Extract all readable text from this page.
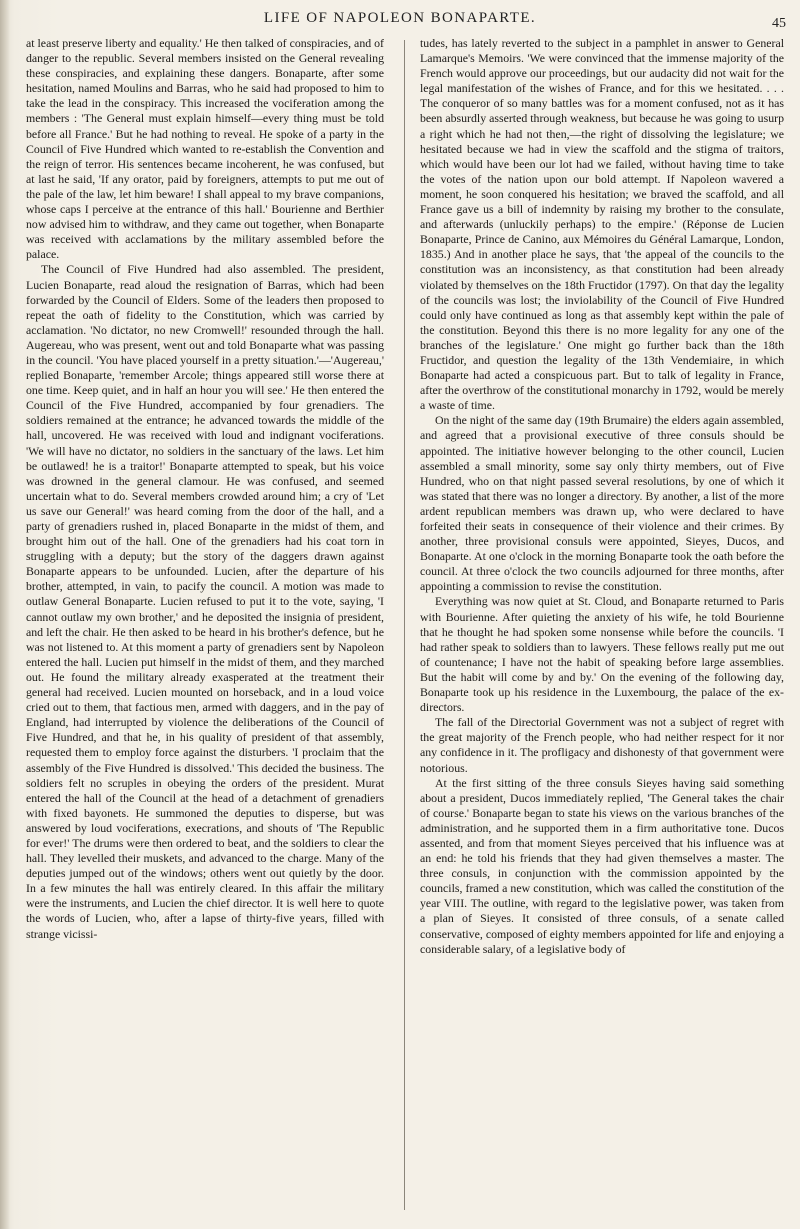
LIFE OF NAPOLEON BONAPARTE.	45

at least preserve liberty and equality.' He then talked of conspiracies, and of danger to the republic. Several members insisted on the General revealing these conspiracies, and explaining these dangers. Bonaparte, after some hesitation, named Moulins and Barras, who he said had proposed to him to take the lead in the conspiracy. This increased the vociferation among the members : 'The General must explain himself—every thing must be told before all France.' But he had nothing to reveal. He spoke of a party in the Council of Five Hundred which wanted to re-establish the Convention and the reign of terror. His sentences became incoherent, he was confused, but at last he said, 'If any orator, paid by foreigners, attempts to put me out of the pale of the law, let him beware! I shall appeal to my brave companions, whose caps I perceive at the entrance of this hall.' Bourienne and Berthier now advised him to withdraw, and they came out together, when Bonaparte was received with acclamations by the military assembled before the palace.

The Council of Five Hundred had also assembled. The president, Lucien Bonaparte, read aloud the resignation of Barras, which had been forwarded by the Council of Elders. Some of the leaders then proposed to repeat the oath of fidelity to the Constitution, which was carried by acclamation. 'No dictator, no new Cromwell!' resounded through the hall. Augereau, who was present, went out and told Bonaparte what was passing in the council. 'You have placed yourself in a pretty situation.'—'Augereau,' replied Bonaparte, 'remember Arcole; things appeared still worse there at one time. Keep quiet, and in half an hour you will see.' He then entered the Council of the Five Hundred, accompanied by four grenadiers. The soldiers remained at the entrance; he advanced towards the middle of the hall, uncovered. He was received with loud and indignant vociferations. 'We will have no dictator, no soldiers in the sanctuary of the laws. Let him be outlawed! he is a traitor!' Bonaparte attempted to speak, but his voice was drowned in the general clamour. He was confused, and seemed uncertain what to do. Several members crowded around him; a cry of 'Let us save our General!' was heard coming from the door of the hall, and a party of grenadiers rushed in, placed Bonaparte in the midst of them, and brought him out of the hall. One of the grenadiers had his coat torn in struggling with a deputy; but the story of the daggers drawn against Bonaparte appears to be unfounded. Lucien, after the departure of his brother, attempted, in vain, to pacify the council. A motion was made to outlaw General Bonaparte. Lucien refused to put it to the vote, saying, 'I cannot outlaw my own brother,' and he deposited the insignia of president, and left the chair. He then asked to be heard in his brother's defence, but he was not listened to. At this moment a party of grenadiers sent by Napoleon entered the hall. Lucien put himself in the midst of them, and they marched out. He found the military already exasperated at the treatment their general had received. Lucien mounted on horseback, and in a loud voice cried out to them, that factious men, armed with daggers, and in the pay of England, had interrupted by violence the deliberations of the Council of Five Hundred, and that he, in his quality of president of that assembly, requested them to employ force against the disturbers. 'I proclaim that the assembly of the Five Hundred is dissolved.' This decided the business. The soldiers felt no scruples in obeying the orders of the president. Murat entered the hall of the Council at the head of a detachment of grenadiers with fixed bayonets. He summoned the deputies to disperse, but was answered by loud vociferations, execrations, and shouts of 'The Republic for ever!' The drums were then ordered to beat, and the soldiers to clear the hall. They levelled their muskets, and advanced to the charge. Many of the deputies jumped out of the windows; others went out quietly by the door. In a few minutes the hall was entirely cleared. In this affair the military were the instruments, and Lucien the chief director. It is well here to quote the words of Lucien, who, after a lapse of thirty-five years, filled with strange vicissi-

tudes, has lately reverted to the subject in a pamphlet in answer to General Lamarque's Memoirs. 'We were convinced that the immense majority of the French would approve our proceedings, but our audacity did not wait for the legal manifestation of the wishes of France, and for this we hesitated. . . . The conqueror of so many battles was for a moment confused, not as it has been absurdly asserted through weakness, but because he was going to usurp a right which he had not then,—the right of dissolving the legislature; we hesitated because we had in view the scaffold and the stigma of traitors, which would have been our lot had we failed, without having time to take the votes of the nation upon our bold attempt. If Napoleon wavered a moment, he soon conquered his hesitation; we braved the scaffold, and all France gave us a bill of indemnity by raising my brother to the consulate, and afterwards (unluckily perhaps) to the empire.' (Réponse de Lucien Bonaparte, Prince de Canino, aux Mémoires du Général Lamarque, London, 1835.) And in another place he says, that 'the appeal of the councils to the constitution was an inconsistency, as that constitution had been already violated by themselves on the 18th Fructidor (1797). On that day the legality of the councils was lost; the inviolability of the Council of Five Hundred could only have continued as long as that assembly kept within the pale of the constitution. Beyond this there is no more legality for any one of the branches of the legislature.' One might go further back than the 18th Fructidor, and question the legality of the 13th Vendemiaire, in which Bonaparte had acted a conspicuous part. But to talk of legality in France, after the overthrow of the constitutional monarchy in 1792, would be merely a waste of time.

On the night of the same day (19th Brumaire) the elders again assembled, and agreed that a provisional executive of three consuls should be appointed. The initiative however belonging to the other council, Lucien assembled a small minority, some say only thirty members, out of Five Hundred, who on that night passed several resolutions, by one of which it was stated that there was no longer a directory. By another, a list of the more ardent republican members was drawn up, who were declared to have forfeited their seats in consequence of their violence and their crimes. By another, three provisional consuls were appointed, Sieyes, Ducos, and Bonaparte. At one o'clock in the morning Bonaparte took the oath before the council. At three o'clock the two councils adjourned for three months, after appointing a commission to revise the constitution.

Everything was now quiet at St. Cloud, and Bonaparte returned to Paris with Bourienne. After quieting the anxiety of his wife, he told Bourienne that he thought he had spoken some nonsense while before the councils. 'I had rather speak to soldiers than to lawyers. These fellows really put me out of countenance; I have not the habit of speaking before large assemblies. But the habit will come by and by.' On the evening of the following day, Bonaparte took up his residence in the Luxembourg, the palace of the ex-directors.

The fall of the Directorial Government was not a subject of regret with the great majority of the French people, who had neither respect for it nor any confidence in it. The profligacy and dishonesty of that government were notorious.

At the first sitting of the three consuls Sieyes having said something about a president, Ducos immediately replied, 'The General takes the chair of course.' Bonaparte began to state his views on the various branches of the administration, and he supported them in a firm authoritative tone. Ducos assented, and from that moment Sieyes perceived that his influence was at an end: he told his friends that they had given themselves a master. The three consuls, in conjunction with the commission appointed by the councils, framed a new constitution, which was called the constitution of the year VIII. The outline, with regard to the legislative power, was taken from a plan of Sieyes. It consisted of three consuls, of a senate called conservative, composed of eighty members appointed for life and enjoying a considerable salary, of a legislative body of
